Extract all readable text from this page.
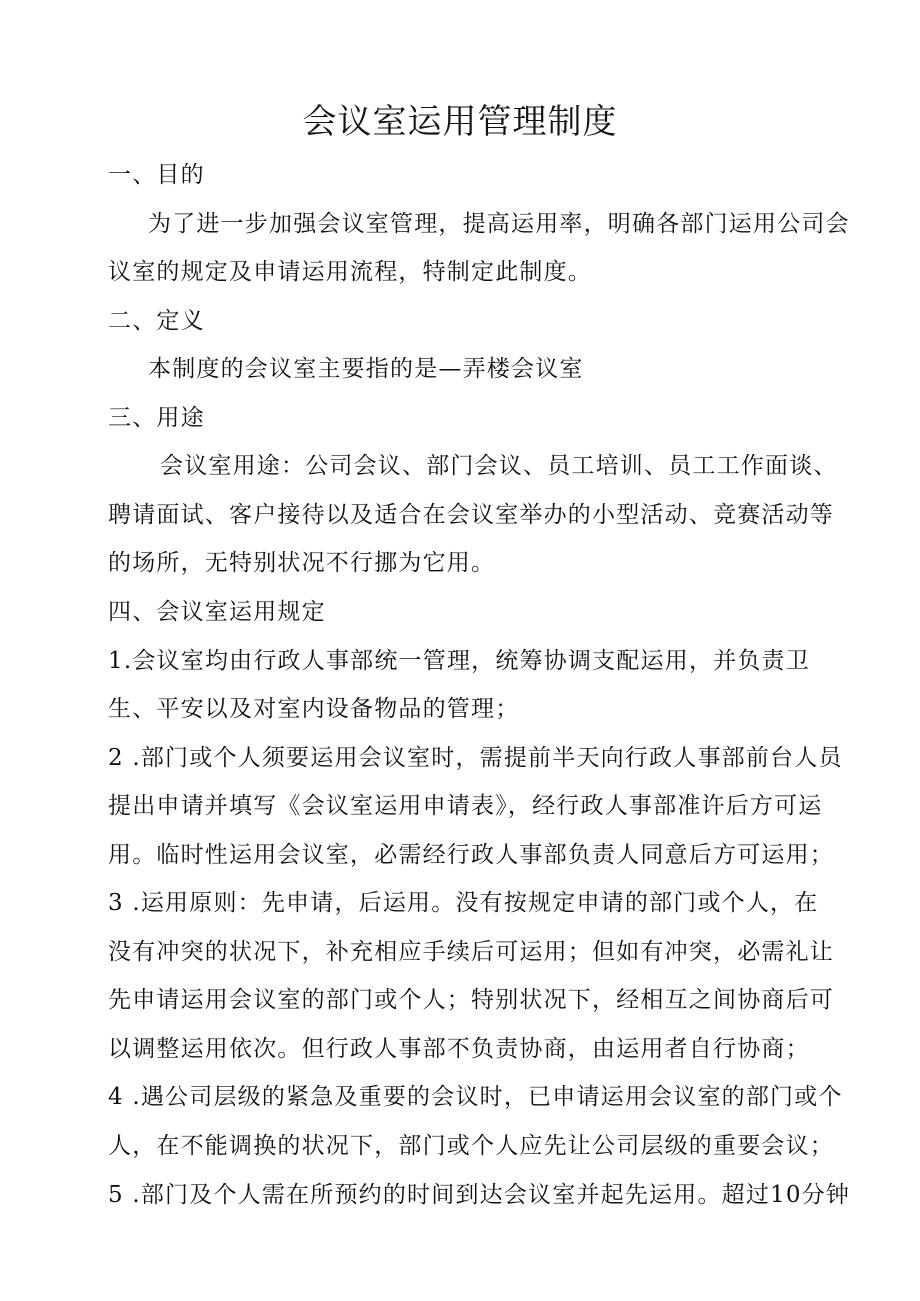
会议室运用管理制度

一、目的

为了进一步加强会议室管理，提高运用率，明确各部门运用公司会

议室的规定及申请运用流程，特制定此制度。

二、定义

本制度的会议室主要指的是—弄楼会议室

三、用途

会议室用途：公司会议、部门会议、员工培训、员工工作面谈、

聘请面试、客户接待以及适合在会议室举办的小型活动、竞赛活动等

的场所，无特别状况不行挪为它用。

四、会议室运用规定

1.会议室均由行政人事部统一管理，统筹协调支配运用，并负责卫

生、平安以及对室内设备物品的管理；

2 .部门或个人须要运用会议室时，需提前半天向行政人事部前台人员

提出申请并填写《会议室运用申请表》，经行政人事部准许后方可运

用。临时性运用会议室，必需经行政人事部负责人同意后方可运用；

3 .运用原则：先申请，后运用。没有按规定申请的部门或个人，在

没有冲突的状况下，补充相应手续后可运用；但如有冲突，必需礼让

先申请运用会议室的部门或个人；特别状况下，经相互之间协商后可

以调整运用依次。但行政人事部不负责协商，由运用者自行协商；

4 .遇公司层级的紧急及重要的会议时，已申请运用会议室的部门或个

人，在不能调换的状况下，部门或个人应先让公司层级的重要会议；

5 .部门及个人需在所预约的时间到达会议室并起先运用。超过10分钟
